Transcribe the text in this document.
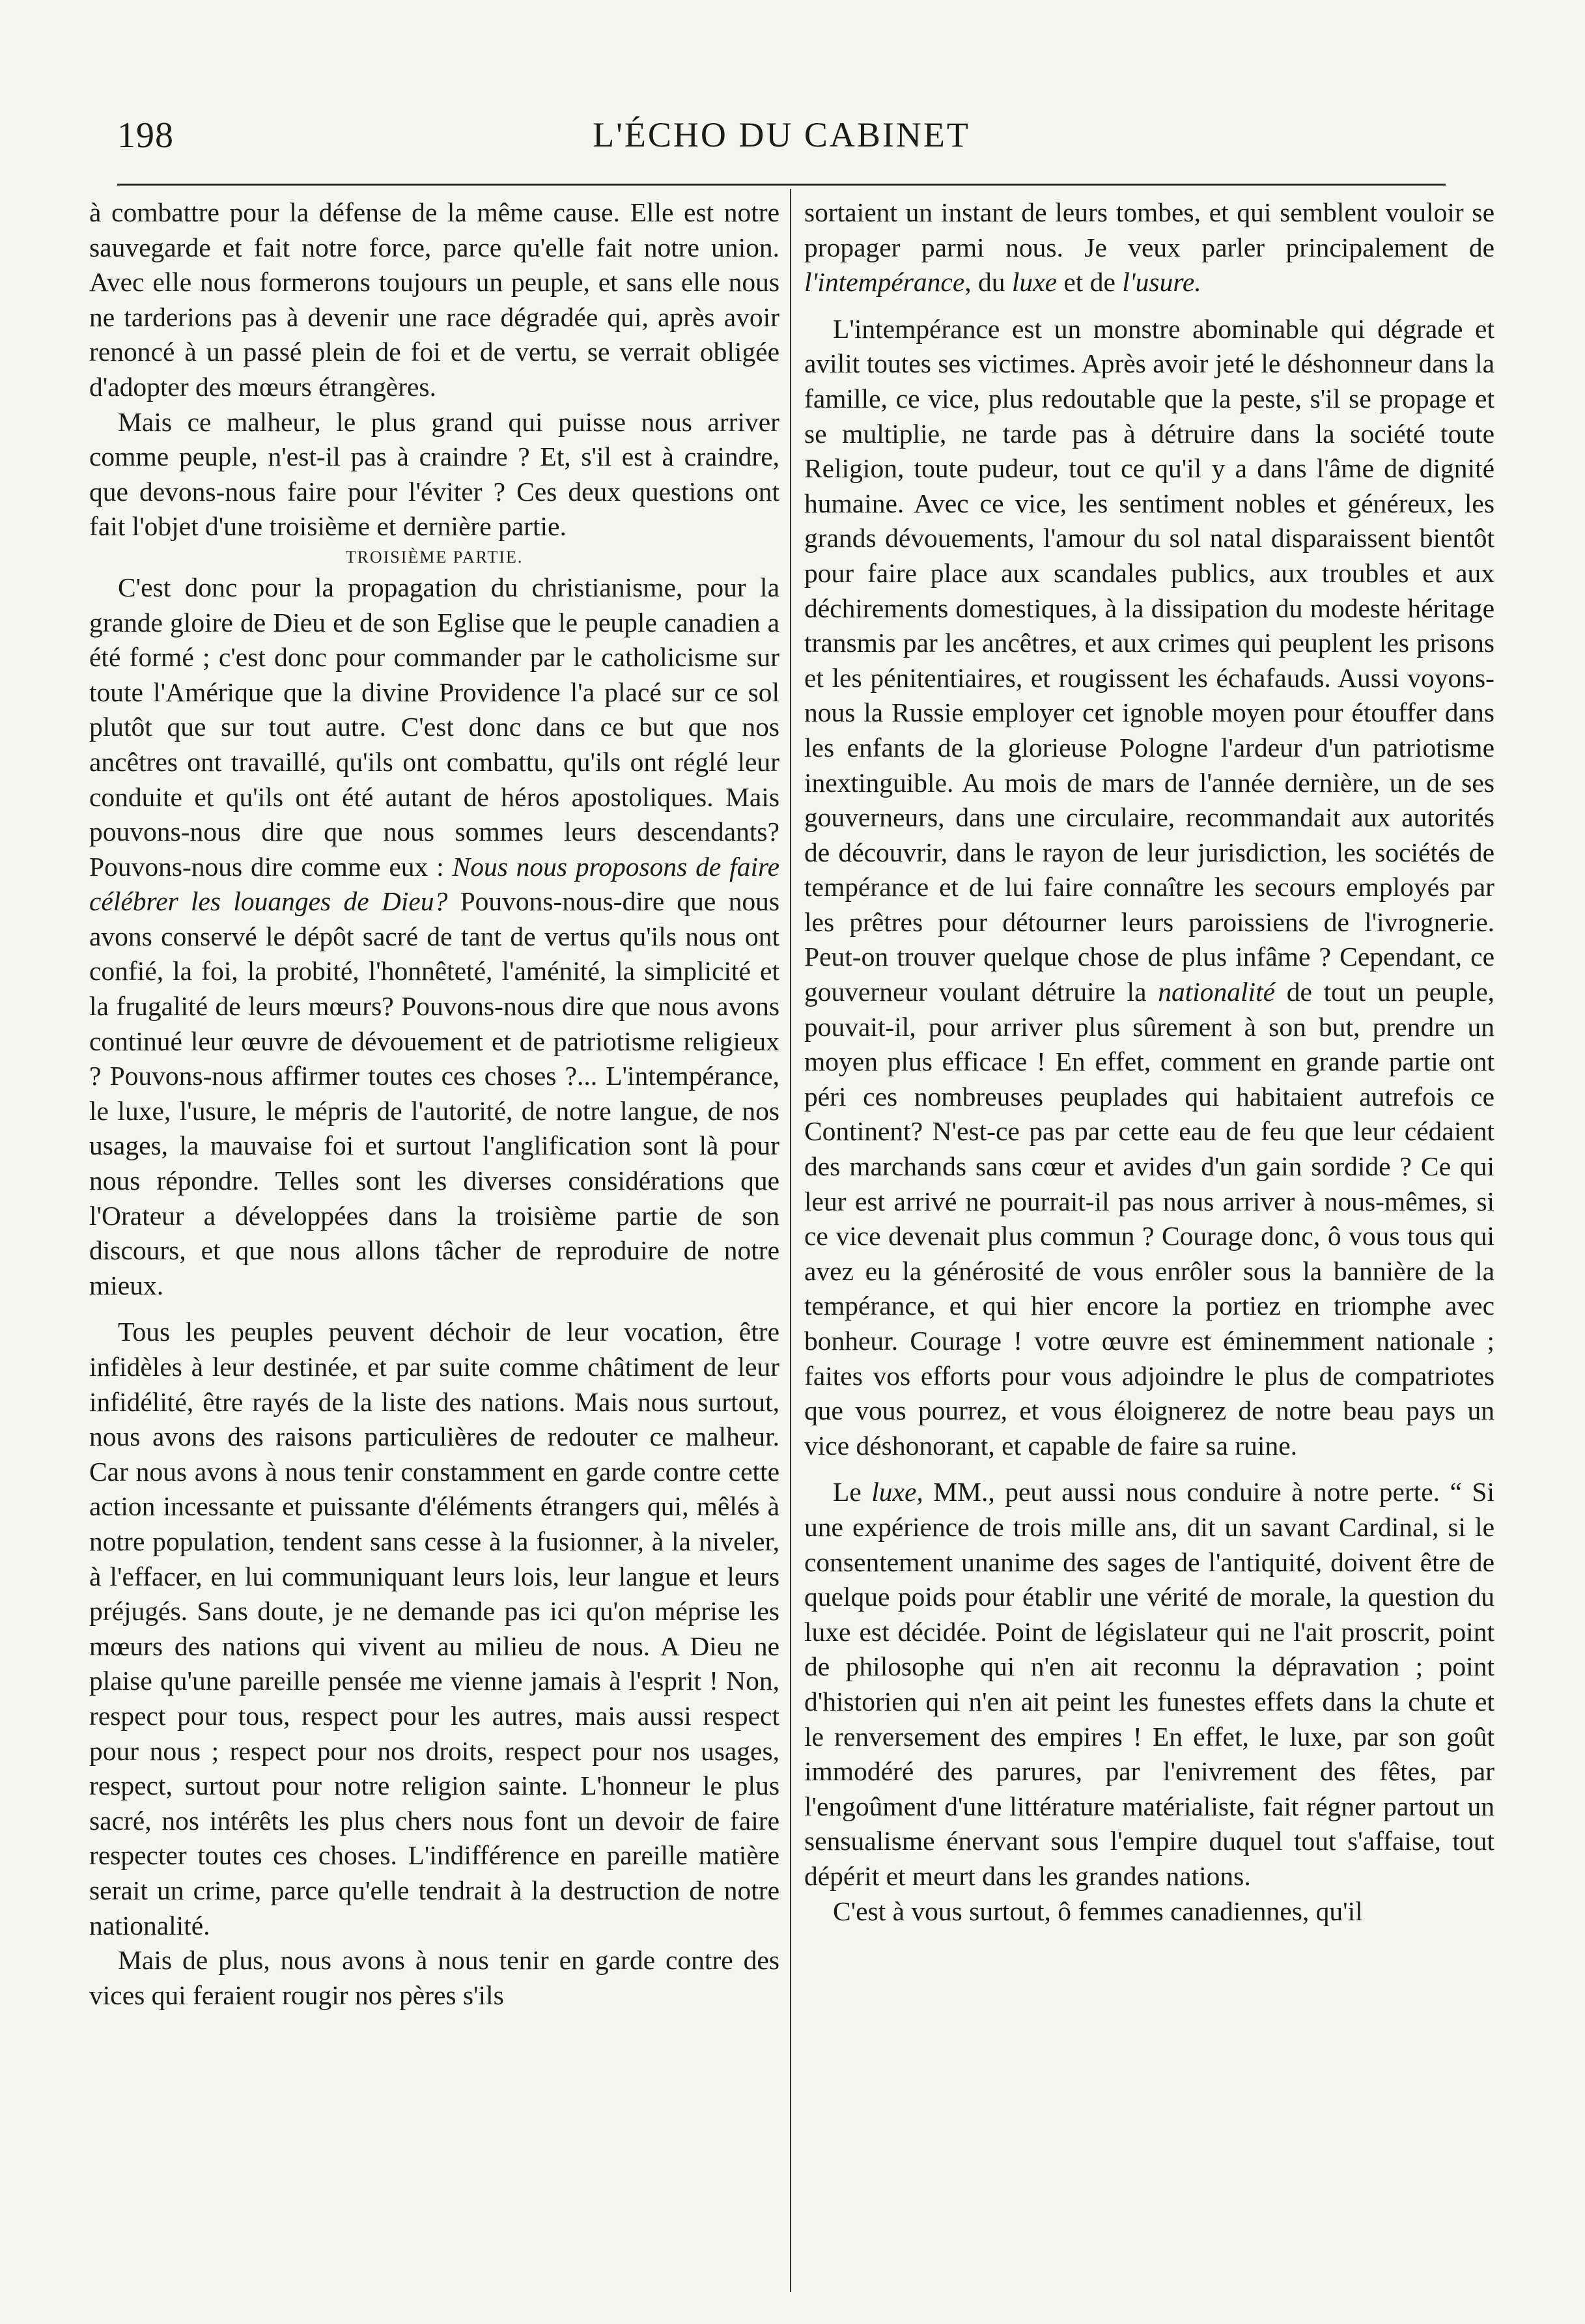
198	L'ÉCHO DU CABINET

à combattre pour la défense de la même cause. Elle est notre sauvegarde et fait notre force, parce qu'elle fait notre union. Avec elle nous formerons toujours un peuple, et sans elle nous ne tarderions pas à devenir une race dégradée qui, après avoir renoncé à un passé plein de foi et de vertu, se verrait obligée d'adopter des mœurs étrangères.

Mais ce malheur, le plus grand qui puisse nous arriver comme peuple, n'est-il pas à craindre ? Et, s'il est à craindre, que devons-nous faire pour l'éviter ? Ces deux questions ont fait l'objet d'une troisième et dernière partie.

TROISIÈME PARTIE.

C'est donc pour la propagation du christianisme, pour la grande gloire de Dieu et de son Eglise que le peuple canadien a été formé ; c'est donc pour commander par le catholicisme sur toute l'Amérique que la divine Providence l'a placé sur ce sol plutôt que sur tout autre. C'est donc dans ce but que nos ancêtres ont travaillé, qu'ils ont combattu, qu'ils ont réglé leur conduite et qu'ils ont été autant de héros apostoliques. Mais pouvons-nous dire que nous sommes leurs descendants? Pouvons-nous dire comme eux : Nous nous proposons de faire célébrer les louanges de Dieu? Pouvons-nous-dire que nous avons conservé le dépôt sacré de tant de vertus qu'ils nous ont confié, la foi, la probité, l'honnêteté, l'aménité, la simplicité et la frugalité de leurs mœurs? Pouvons-nous dire que nous avons continué leur œuvre de dévouement et de patriotisme religieux ? Pouvons-nous affirmer toutes ces choses ?... L'intempérance, le luxe, l'usure, le mépris de l'autorité, de notre langue, de nos usages, la mauvaise foi et surtout l'anglification sont là pour nous répondre. Telles sont les diverses considérations que l'Orateur a développées dans la troisième partie de son discours, et que nous allons tâcher de reproduire de notre mieux.

Tous les peuples peuvent déchoir de leur vocation, être infidèles à leur destinée, et par suite comme châtiment de leur infidélité, être rayés de la liste des nations. Mais nous surtout, nous avons des raisons particulières de redouter ce malheur. Car nous avons à nous tenir constamment en garde contre cette action incessante et puissante d'éléments étrangers qui, mêlés à notre population, tendent sans cesse à la fusionner, à la niveler, à l'effacer, en lui communiquant leurs lois, leur langue et leurs préjugés. Sans doute, je ne demande pas ici qu'on méprise les mœurs des nations qui vivent au milieu de nous. A Dieu ne plaise qu'une pareille pensée me vienne jamais à l'esprit ! Non, respect pour tous, respect pour les autres, mais aussi respect pour nous ; respect pour nos droits, respect pour nos usages, respect, surtout pour notre religion sainte. L'honneur le plus sacré, nos intérêts les plus chers nous font un devoir de faire respecter toutes ces choses. L'indifférence en pareille matière serait un crime, parce qu'elle tendrait à la destruction de notre nationalité.

Mais de plus, nous avons à nous tenir en garde contre des vices qui feraient rougir nos pères s'ils

sortaient un instant de leurs tombes, et qui semblent vouloir se propager parmi nous. Je veux parler principalement de l'intempérance, du luxe et de l'usure.

L'intempérance est un monstre abominable qui dégrade et avilit toutes ses victimes. Après avoir jeté le déshonneur dans la famille, ce vice, plus redoutable que la peste, s'il se propage et se multiplie, ne tarde pas à détruire dans la société toute Religion, toute pudeur, tout ce qu'il y a dans l'âme de dignité humaine. Avec ce vice, les sentiment nobles et généreux, les grands dévouements, l'amour du sol natal disparaissent bientôt pour faire place aux scandales publics, aux troubles et aux déchirements domestiques, à la dissipation du modeste héritage transmis par les ancêtres, et aux crimes qui peuplent les prisons et les pénitentiaires, et rougissent les échafauds. Aussi voyons-nous la Russie employer cet ignoble moyen pour étouffer dans les enfants de la glorieuse Pologne l'ardeur d'un patriotisme inextinguible. Au mois de mars de l'année dernière, un de ses gouverneurs, dans une circulaire, recommandait aux autorités de découvrir, dans le rayon de leur jurisdiction, les sociétés de tempérance et de lui faire connaître les secours employés par les prêtres pour détourner leurs paroissiens de l'ivrognerie. Peut-on trouver quelque chose de plus infâme ? Cependant, ce gouverneur voulant détruire la nationalité de tout un peuple, pouvait-il, pour arriver plus sûrement à son but, prendre un moyen plus efficace ! En effet, comment en grande partie ont péri ces nombreuses peuplades qui habitaient autrefois ce Continent? N'est-ce pas par cette eau de feu que leur cédaient des marchands sans cœur et avides d'un gain sordide ? Ce qui leur est arrivé ne pourrait-il pas nous arriver à nous-mêmes, si ce vice devenait plus commun ? Courage donc, ô vous tous qui avez eu la générosité de vous enrôler sous la bannière de la tempérance, et qui hier encore la portiez en triomphe avec bonheur. Courage ! votre œuvre est éminemment nationale ; faites vos efforts pour vous adjoindre le plus de compatriotes que vous pourrez, et vous éloignerez de notre beau pays un vice déshonorant, et capable de faire sa ruine.

Le luxe, MM., peut aussi nous conduire à notre perte. “ Si une expérience de trois mille ans, dit un savant Cardinal, si le consentement unanime des sages de l'antiquité, doivent être de quelque poids pour établir une vérité de morale, la question du luxe est décidée. Point de législateur qui ne l'ait proscrit, point de philosophe qui n'en ait reconnu la dépravation ; point d'historien qui n'en ait peint les funestes effets dans la chute et le renversement des empires ! En effet, le luxe, par son goût immodéré des parures, par l'enivrement des fêtes, par l'engoûment d'une littérature matérialiste, fait régner partout un sensualisme énervant sous l'empire duquel tout s'affaise, tout dépérit et meurt dans les grandes nations.

C'est à vous surtout, ô femmes canadiennes, qu'il
